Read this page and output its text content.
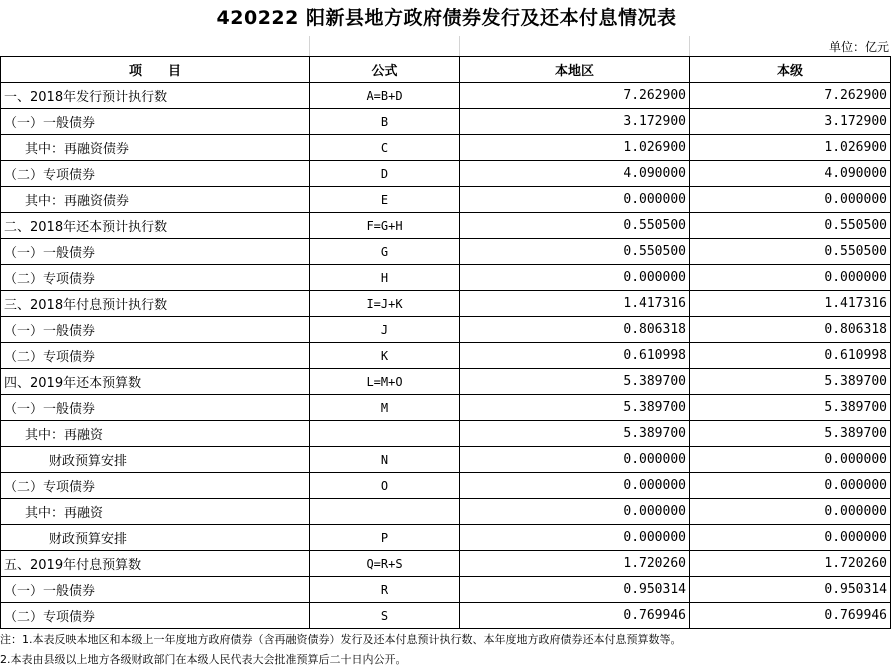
420222 阳新县地方政府债券发行及还本付息情况表
单位：亿元
项　　目	公式	本地区	本级
一、2018年发行预计执行数	A=B+D	7.262900	7.262900
（一）一般债券	B	3.172900	3.172900
其中：再融资债券	C	1.026900	1.026900
（二）专项债券	D	4.090000	4.090000
其中：再融资债券	E	0.000000	0.000000
二、2018年还本预计执行数	F=G+H	0.550500	0.550500
（一）一般债券	G	0.550500	0.550500
（二）专项债券	H	0.000000	0.000000
三、2018年付息预计执行数	I=J+K	1.417316	1.417316
（一）一般债券	J	0.806318	0.806318
（二）专项债券	K	0.610998	0.610998
四、2019年还本预算数	L=M+O	5.389700	5.389700
（一）一般债券	M	5.389700	5.389700
其中：再融资		5.389700	5.389700
财政预算安排	N	0.000000	0.000000
（二）专项债券	O	0.000000	0.000000
其中：再融资		0.000000	0.000000
财政预算安排	P	0.000000	0.000000
五、2019年付息预算数	Q=R+S	1.720260	1.720260
（一）一般债券	R	0.950314	0.950314
（二）专项债券	S	0.769946	0.769946
注：1.本表反映本地区和本级上一年度地方政府债券（含再融资债券）发行及还本付息预计执行数、本年度地方政府债券还本付息预算数等。
2.本表由县级以上地方各级财政部门在本级人民代表大会批准预算后二十日内公开。
